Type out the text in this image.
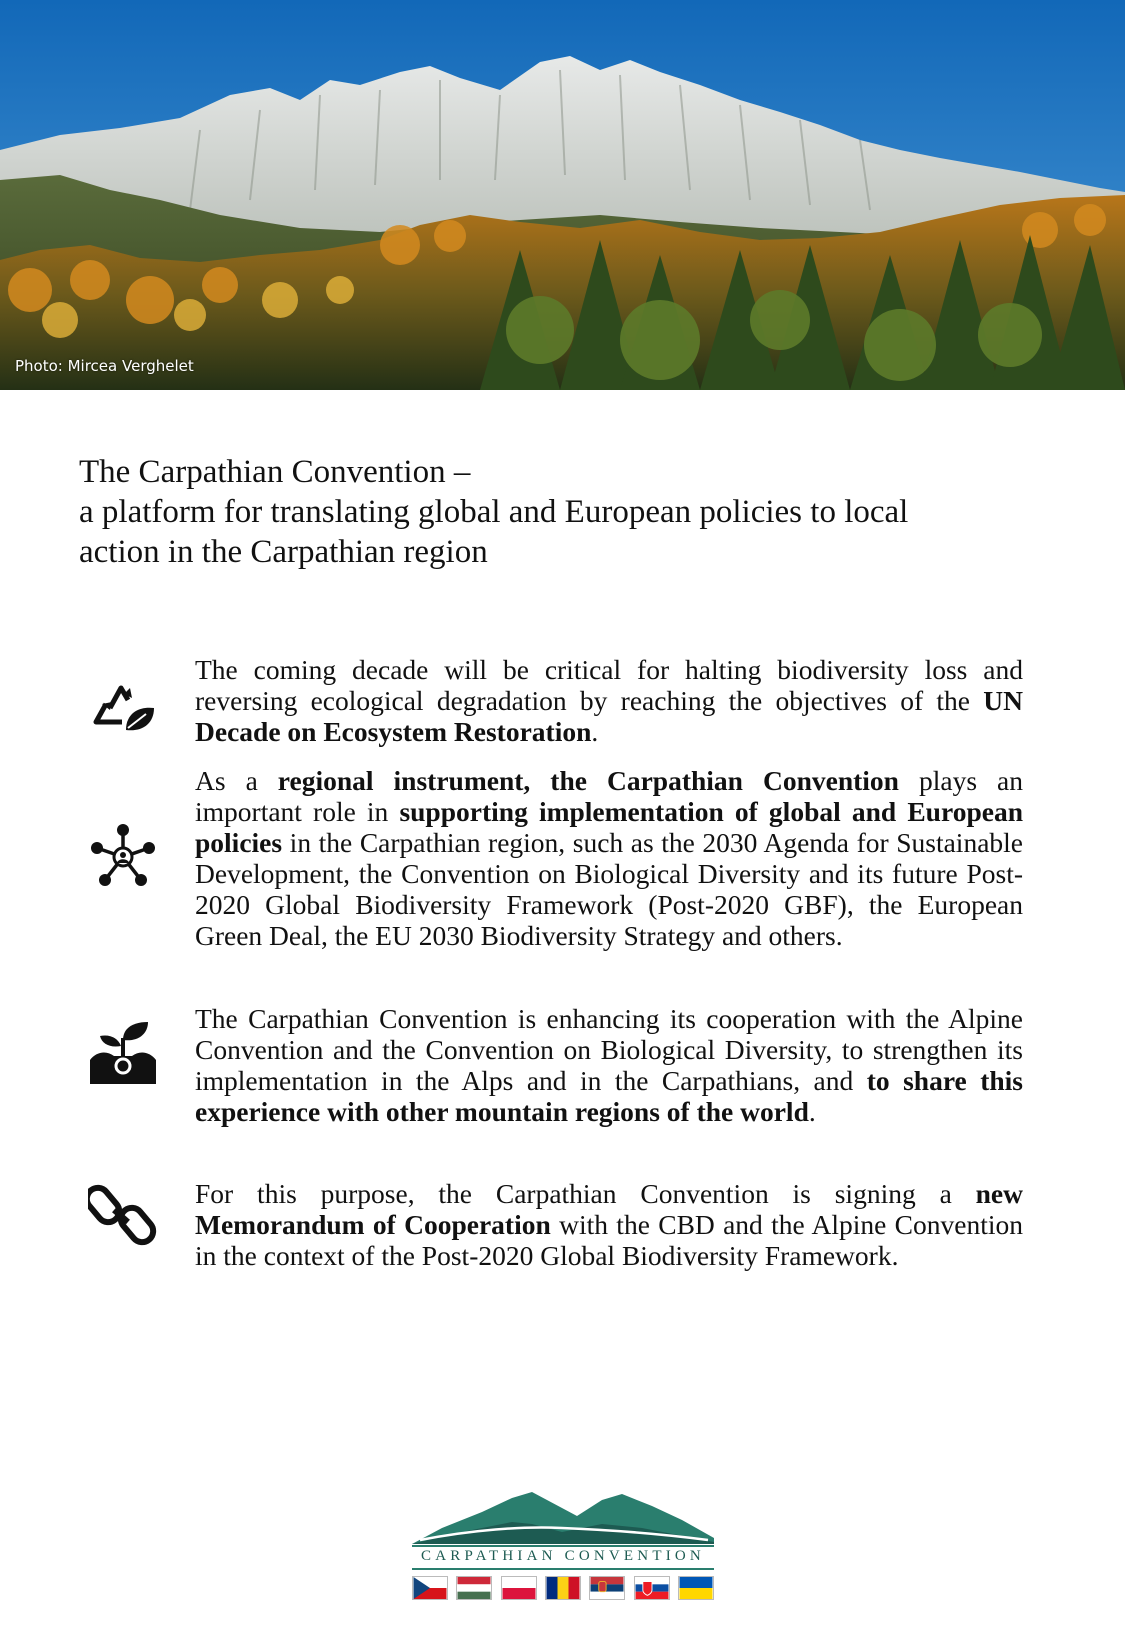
Photo: Mircea Verghelet
The Carpathian Convention –
a platform for translating global and European policies to local
action in the Carpathian region

The coming decade will be critical for halting biodiversity loss and reversing ecological degradation by reaching the objectives of the UN Decade on Ecosystem Restoration.

As a regional instrument, the Carpathian Convention plays an important role in supporting implementation of global and European policies in the Carpathian region, such as the 2030 Agenda for Sustainable Development, the Convention on Biological Diversity and its future Post-2020 Global Biodiversity Framework (Post-2020 GBF), the European Green Deal, the EU 2030 Biodiversity Strategy and others.

The Carpathian Convention is enhancing its cooperation with the Alpine Convention and the Convention on Biological Diversity, to strengthen its implementation in the Alps and in the Carpathians, and to share this experience with other mountain regions of the world.

For this purpose, the Carpathian Convention is signing a new Memorandum of Cooperation with the CBD and the Alpine Convention in the context of the Post-2020 Global Biodiversity Framework.

CARPATHIAN CONVENTION
